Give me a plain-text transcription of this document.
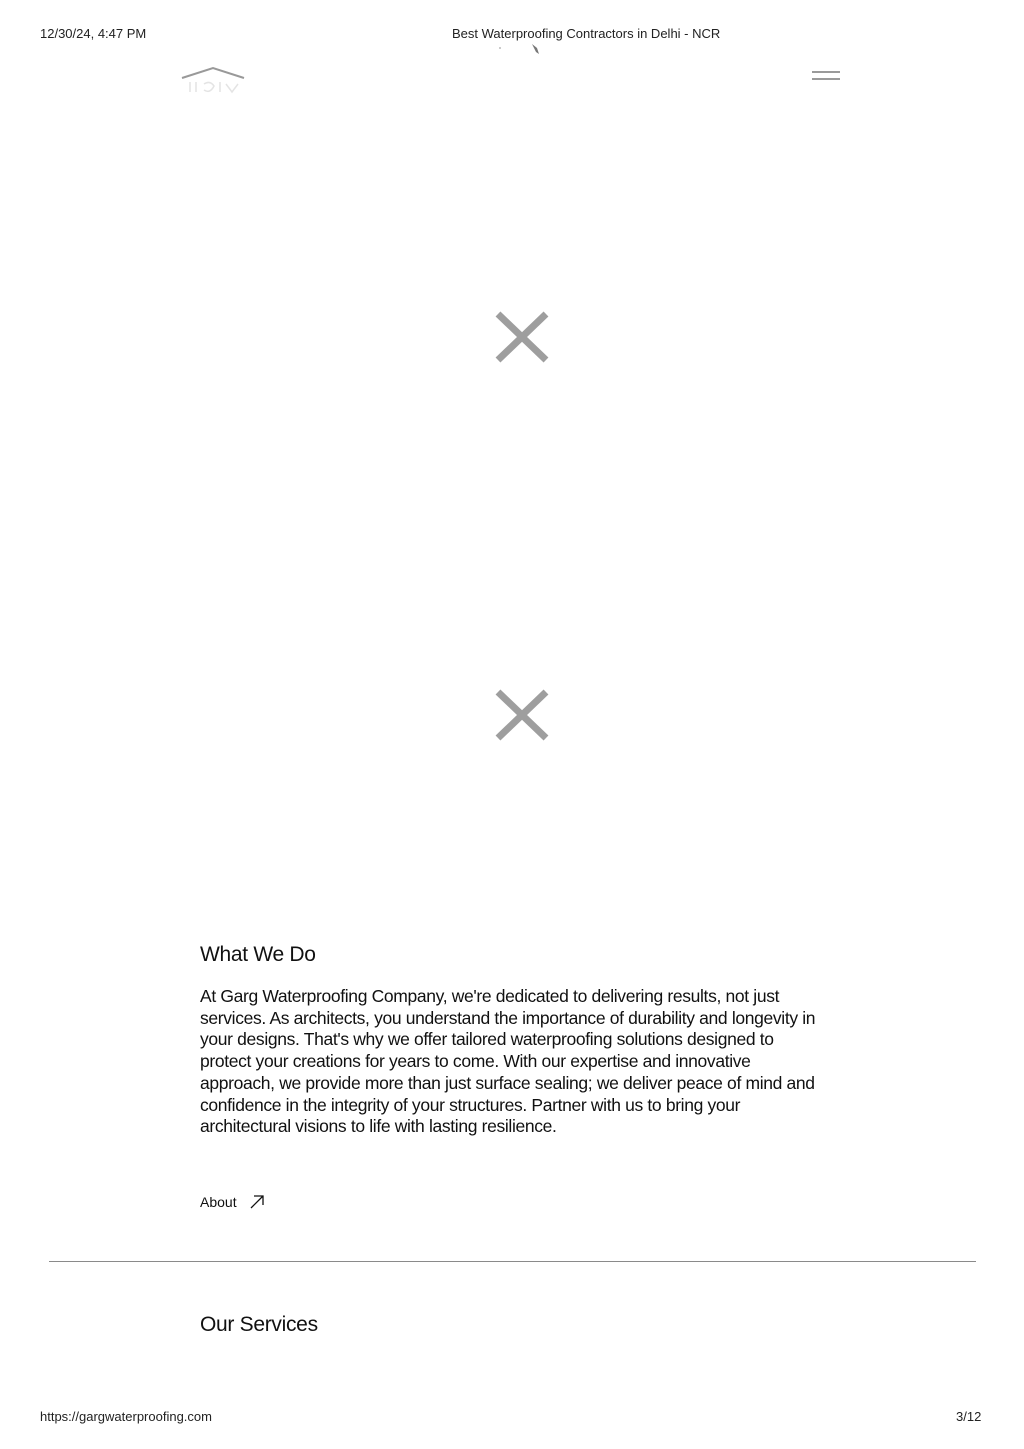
12/30/24, 4:47 PM	Best Waterproofing Contractors in Delhi - NCR
What We Do

At Garg Waterproofing Company, we're dedicated to delivering results, not just services. As architects, you understand the importance of durability and longevity in your designs. That's why we offer tailored waterproofing solutions designed to protect your creations for years to come. With our expertise and innovative approach, we provide more than just surface sealing; we deliver peace of mind and confidence in the integrity of your structures. Partner with us to bring your architectural visions to life with lasting resilience.

About
Our Services
https://gargwaterproofing.com	3/12
